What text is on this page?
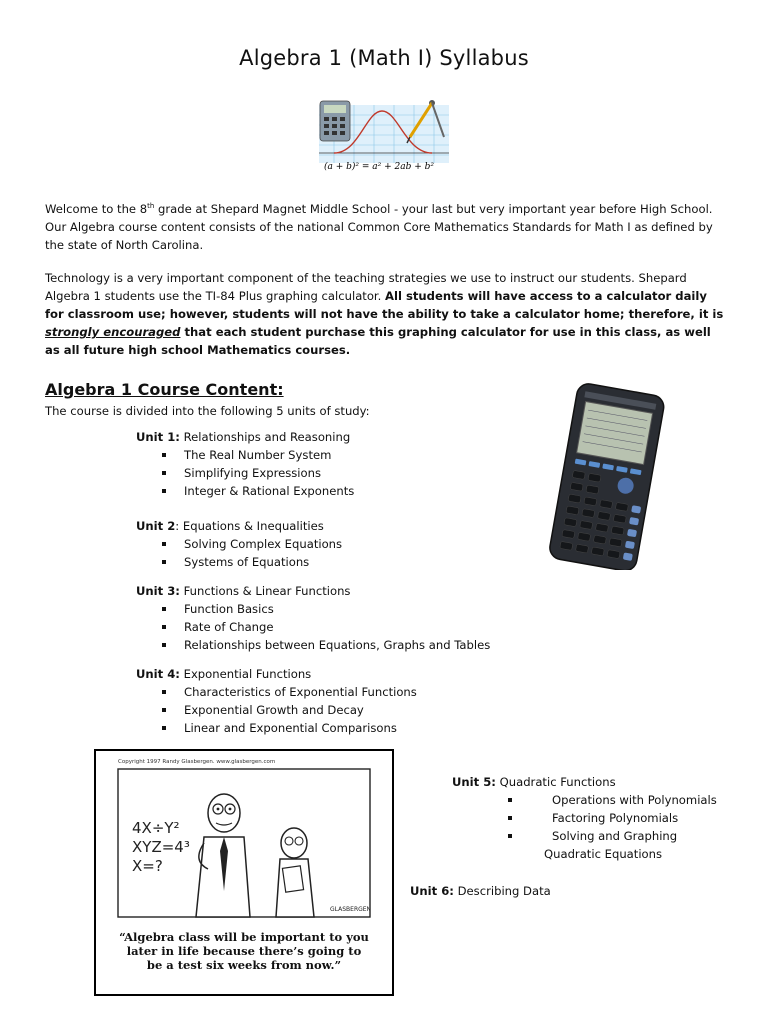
Algebra 1 (Math I) Syllabus
(a + b)² = a² + 2ab + b²
Welcome to the 8th grade at Shepard Magnet Middle School - your last but very important year before High School. Our Algebra course content consists of the national Common Core Mathematics Standards for Math I as defined by the state of North Carolina.
Technology is a very important component of the teaching strategies we use to instruct our students. Shepard Algebra 1 students use the TI-84 Plus graphing calculator. All students will have access to a calculator daily for classroom use; however, students will not have the ability to take a calculator home; therefore, it is strongly encouraged that each student purchase this graphing calculator for use in this class, as well as all future high school Mathematics courses.
Algebra 1 Course Content:
The course is divided into the following 5 units of study:
Unit 1: Relationships and Reasoning
The Real Number System
Simplifying Expressions
Integer & Rational Exponents
Unit 2: Equations & Inequalities
Solving Complex Equations
Systems of Equations
Unit 3: Functions & Linear Functions
Function Basics
Rate of Change
Relationships between Equations, Graphs and Tables
Unit 4: Exponential Functions
Characteristics of Exponential Functions
Exponential Growth and Decay
Linear and Exponential Comparisons
Copyright 1997 Randy Glasbergen. www.glasbergen.com
4X÷Y²
XYZ=4³
X=?
GLASBERGEN
“Algebra class will be important to you
later in life because there’s going to
be a test six weeks from now.”
Unit 5: Quadratic Functions
Operations with Polynomials
Factoring Polynomials
Solving and Graphing
Quadratic Equations
Unit 6: Describing Data
